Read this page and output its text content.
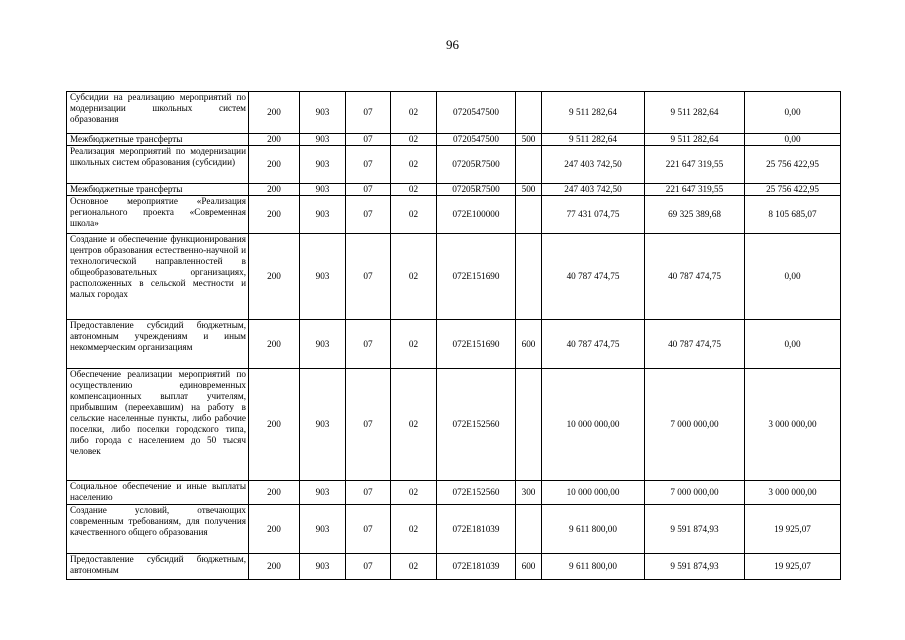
96
Субсидии на реализацию мероприятий по модернизации школьных систем образования	200	903	07	02	0720547500		9 511 282,64	9 511 282,64	0,00
Межбюджетные трансферты	200	903	07	02	0720547500	500	9 511 282,64	9 511 282,64	0,00
Реализация мероприятий по модернизации школьных систем образования (субсидии)	200	903	07	02	07205R7500		247 403 742,50	221 647 319,55	25 756 422,95
Межбюджетные трансферты	200	903	07	02	07205R7500	500	247 403 742,50	221 647 319,55	25 756 422,95
Основное мероприятие «Реализация регионального проекта «Современная школа»	200	903	07	02	072E100000		77 431 074,75	69 325 389,68	8 105 685,07
Создание и обеспечение функционирования центров образования естественно-научной и технологической направленностей в общеобразовательных организациях, расположенных в сельской местности и малых городах	200	903	07	02	072E151690		40 787 474,75	40 787 474,75	0,00
Предоставление субсидий бюджетным, автономным учреждениям и иным некоммерческим организациям	200	903	07	02	072E151690	600	40 787 474,75	40 787 474,75	0,00
Обеспечение реализации мероприятий по осуществлению единовременных компенсационных выплат учителям, прибывшим (переехавшим) на работу в сельские населенные пункты, либо рабочие поселки, либо поселки городского типа, либо города с населением до 50 тысяч человек	200	903	07	02	072E152560		10 000 000,00	7 000 000,00	3 000 000,00
Социальное обеспечение и иные выплаты населению	200	903	07	02	072E152560	300	10 000 000,00	7 000 000,00	3 000 000,00
Создание условий, отвечающих современным требованиям, для получения качественного общего образования	200	903	07	02	072E181039		9 611 800,00	9 591 874,93	19 925,07
Предоставление субсидий бюджетным, автономным	200	903	07	02	072E181039	600	9 611 800,00	9 591 874,93	19 925,07
